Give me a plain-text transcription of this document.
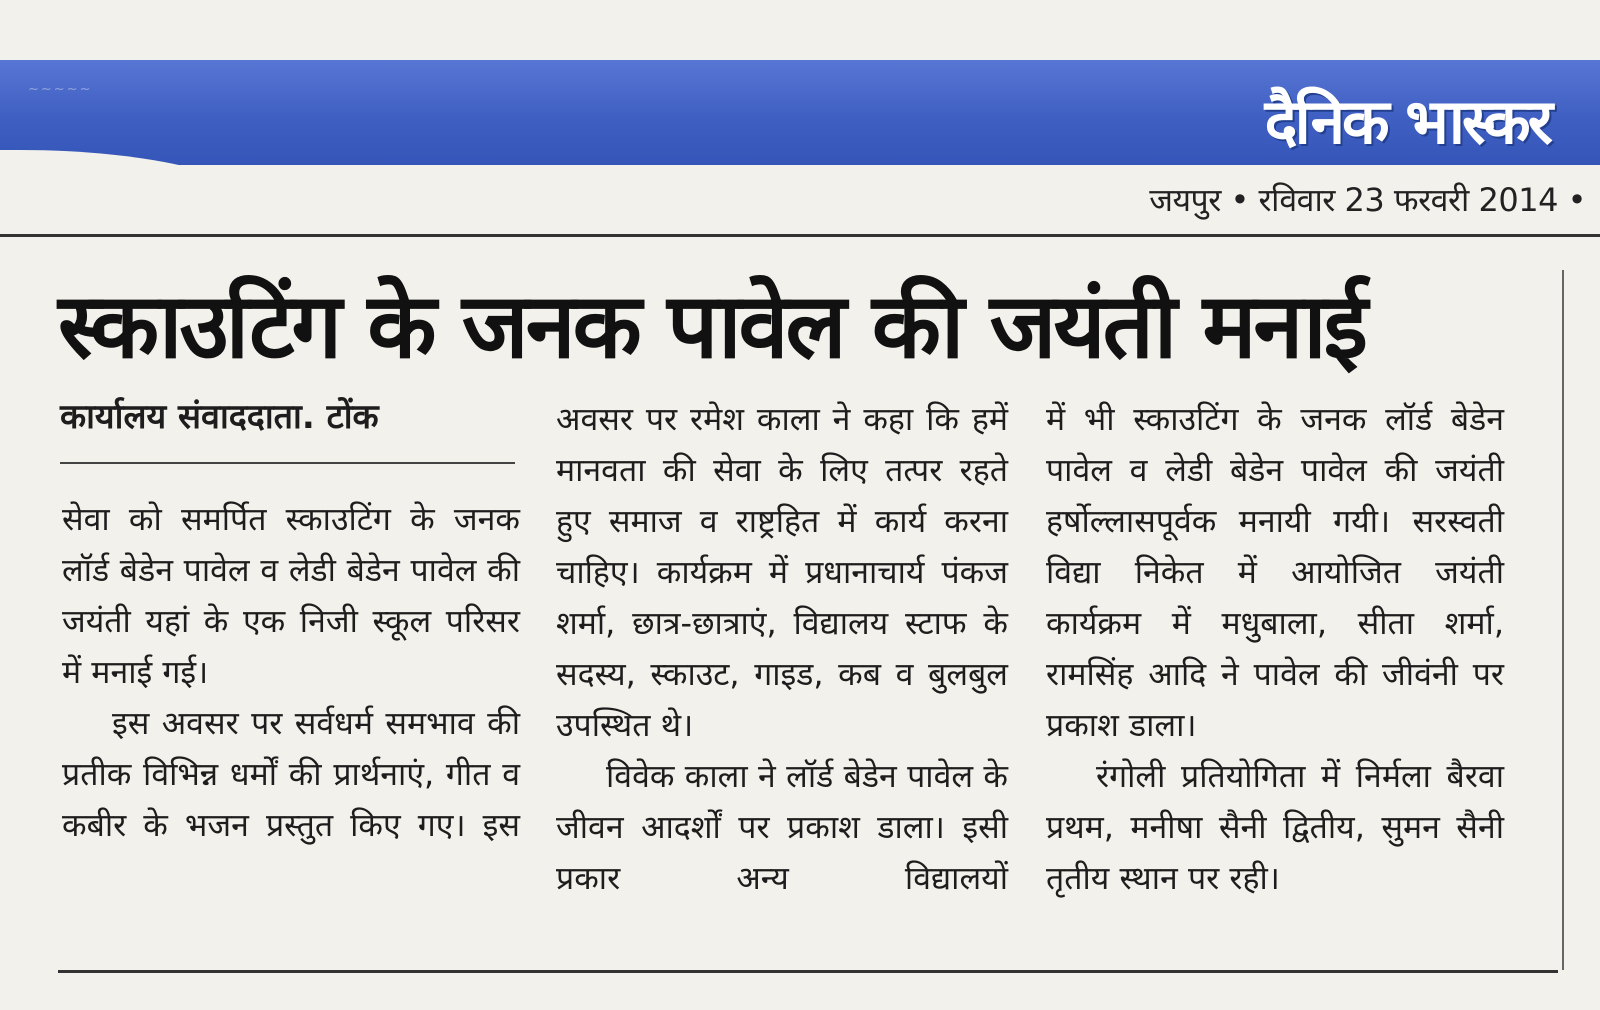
~~~~~	दैनिक भास्कर
जयपुर • रविवार 23 फरवरी 2014 •
स्काउटिंग के जनक पावेल की जयंती मनाई
कार्यालय संवाददाता. टोंक

सेवा को समर्पित स्काउटिंग के जनक लॉर्ड बेडेन पावेल व लेडी बेडेन पावेल की जयंती यहां के एक निजी स्कूल परिसर में मनाई गई।

इस अवसर पर सर्वधर्म समभाव की प्रतीक विभिन्न धर्मों की प्रार्थनाएं, गीत व कबीर के भजन प्रस्तुत किए गए। इस

अवसर पर रमेश काला ने कहा कि हमें मानवता की सेवा के लिए तत्पर रहते हुए समाज व राष्ट्रहित में कार्य करना चाहिए। कार्यक्रम में प्रधानाचार्य पंकज शर्मा, छात्र-छात्राएं, विद्यालय स्टाफ के सदस्य, स्काउट, गाइड, कब व बुलबुल उपस्थित थे।

विवेक काला ने लॉर्ड बेडेन पावेल के जीवन आदर्शों पर प्रकाश डाला। इसी प्रकार अन्य विद्यालयों

में भी स्काउटिंग के जनक लॉर्ड बेडेन पावेल व लेडी बेडेन पावेल की जयंती हर्षोल्लासपूर्वक मनायी गयी। सरस्वती विद्या निकेत में आयोजित जयंती कार्यक्रम में मधुबाला, सीता शर्मा, रामसिंह आदि ने पावेल की जीवंनी पर प्रकाश डाला।

रंगोली प्रतियोगिता में निर्मला बैरवा प्रथम, मनीषा सैनी द्वितीय, सुमन सैनी तृतीय स्थान पर रही।
